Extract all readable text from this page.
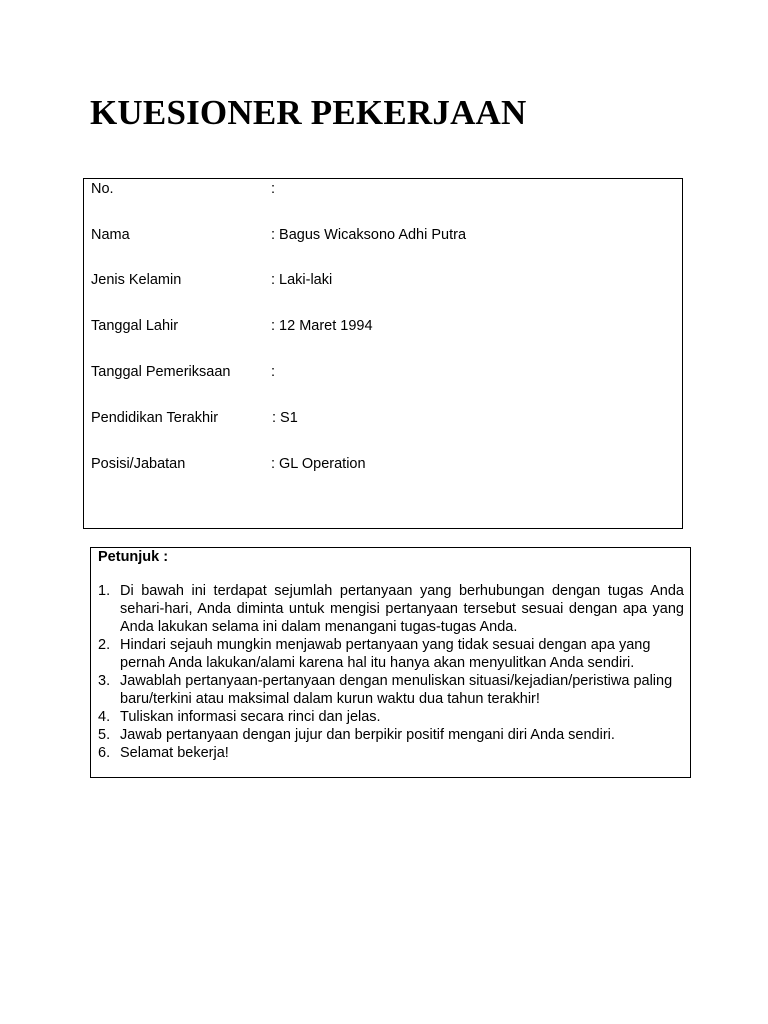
KUESIONER PEKERJAAN
No.	:
Nama	: Bagus Wicaksono Adhi Putra
Jenis Kelamin	: Laki-laki
Tanggal Lahir	: 12 Maret 1994
Tanggal Pemeriksaan	:
Pendidikan Terakhir	: S1
Posisi/Jabatan	: GL Operation
Petunjuk :
1. Di bawah ini terdapat sejumlah pertanyaan yang berhubungan dengan tugas Anda sehari-hari, Anda diminta untuk mengisi pertanyaan tersebut sesuai dengan apa yang Anda lakukan selama ini dalam menangani tugas-tugas Anda.
2. Hindari sejauh mungkin menjawab pertanyaan yang tidak sesuai dengan apa yang pernah Anda lakukan/alami karena hal itu hanya akan menyulitkan Anda sendiri.
3. Jawablah pertanyaan-pertanyaan dengan menuliskan situasi/kejadian/peristiwa paling baru/terkini atau maksimal dalam kurun waktu dua tahun terakhir!
4. Tuliskan informasi secara rinci dan jelas.
5. Jawab pertanyaan dengan jujur dan berpikir positif mengani diri Anda sendiri.
6. Selamat bekerja!
